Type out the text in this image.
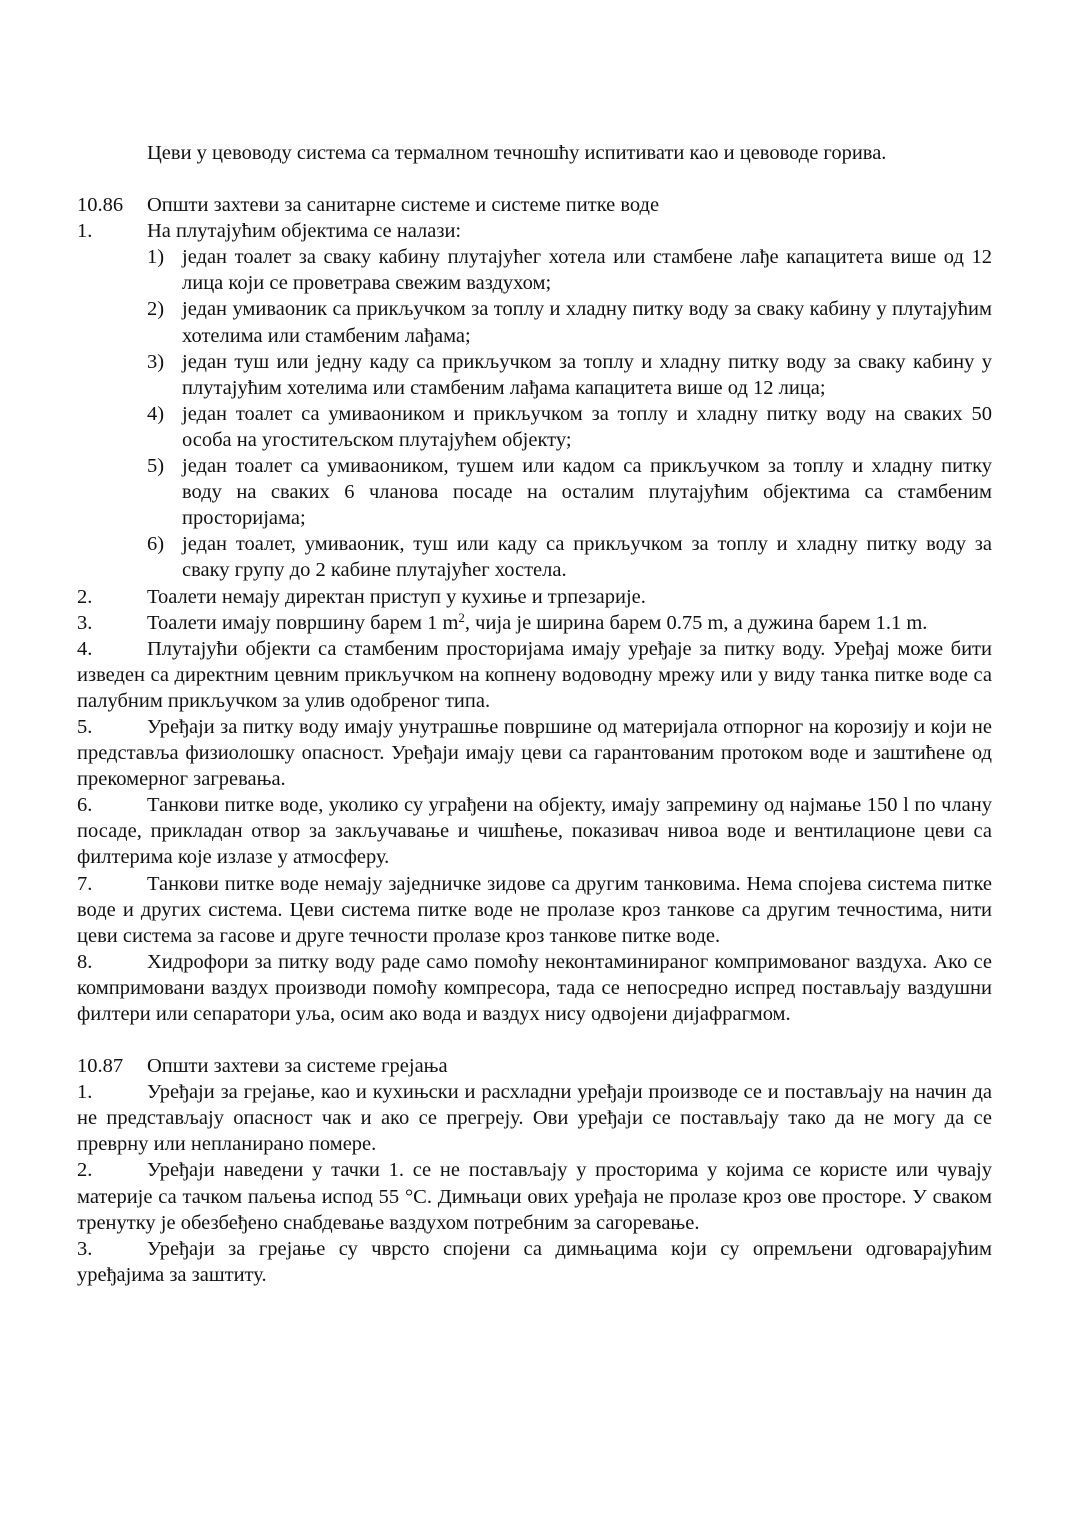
Цеви у цевоводу система са термалном течношћу испитивати као и цевоводе горива.

10.86 Општи захтеви за санитарне системе и системе питке воде

1.	На плутајућим објектима се налази:

1) један тоалет за сваку кабину плутајућег хотела или стамбене лађе капацитета више од 12 лица који се проветрава свежим ваздухом;

2) један умиваоник са прикључком за топлу и хладну питку воду за сваку кабину у плутајућим хотелима или стамбеним лађама;

3) један туш или једну каду са прикључком за топлу и хладну питку воду за сваку кабину у плутајућим хотелима или стамбеним лађама капацитета више од 12 лица;

4) један тоалет са умиваоником и прикључком за топлу и хладну питку воду на сваких 50 особа на угоститељском плутајућем објекту;

5) један тоалет са умиваоником, тушем или кадом са прикључком за топлу и хладну питку воду на сваких 6 чланова посаде на осталим плутајућим објектима са стамбеним просторијама;

6) један тоалет, умиваоник, туш или каду са прикључком за топлу и хладну питку воду за сваку групу до 2 кабине плутајућег хостела.

2.	Тоалети немају директан приступ у кухиње и трпезарије.

3.	Тоалети имају површину барем 1 $m^2$, чија је ширина барем 0.75 m, а дужина барем 1.1 m.

4.	Плутајући објекти са стамбеним просторијама имају уређаје за питку воду. Уређај може бити изведен са директним цевним прикључком на копнену водоводну мрежу или у виду танка питке воде са палубним прикључком за улив одобреног типа.

5.	Уређаји за питку воду имају унутрашње површине од материјала отпорног на корозију и који не представља физиолошку опасност. Уређаји имају цеви са гарантованим протоком воде и заштићене од прекомерног загревања.

6.	Танкови питке воде, уколико су уграђени на објекту, имају запремину од најмање 150 l по члану посаде, прикладан отвор за закључавање и чишћење, показивач нивоа воде и вентилационе цеви са филтерима које излазе у атмосферу.

7.	Танкови питке воде немају заједничке зидове са другим танковима. Нема спојева система питке воде и других система. Цеви система питке воде не пролазе кроз танкове са другим течностима, нити цеви система за гасове и друге течности пролазе кроз танкове питке воде.

8.	Хидрофори за питку воду раде само помоћу неконтаминираног компримованог ваздуха. Ако се компримовани ваздух производи помоћу компресора, тада се непосредно испред постављају ваздушни филтери или сепаратори уља, осим ако вода и ваздух нису одвојени дијафрагмом.

10.87 Општи захтеви за системе грејања

1.	Уређаји за грејање, као и кухињски и расхладни уређаји производе се и постављају на начин да не представљају опасност чак и ако се прегреју. Ови уређаји се постављају тако да не могу да се преврну или непланирано помере.

2.	Уређаји наведени у тачки 1. се не постављају у просторима у којима се користе или чувају материје са тачком паљења испод 55 °C. Димњаци ових уређаја не пролазе кроз ове просторе. У сваком тренутку је обезбеђено снабдевање ваздухом потребним за сагоревање.

3.	Уређаји за грејање су чврсто спојени са димњацима који су опремљени одговарајућим уређајима за заштиту.
